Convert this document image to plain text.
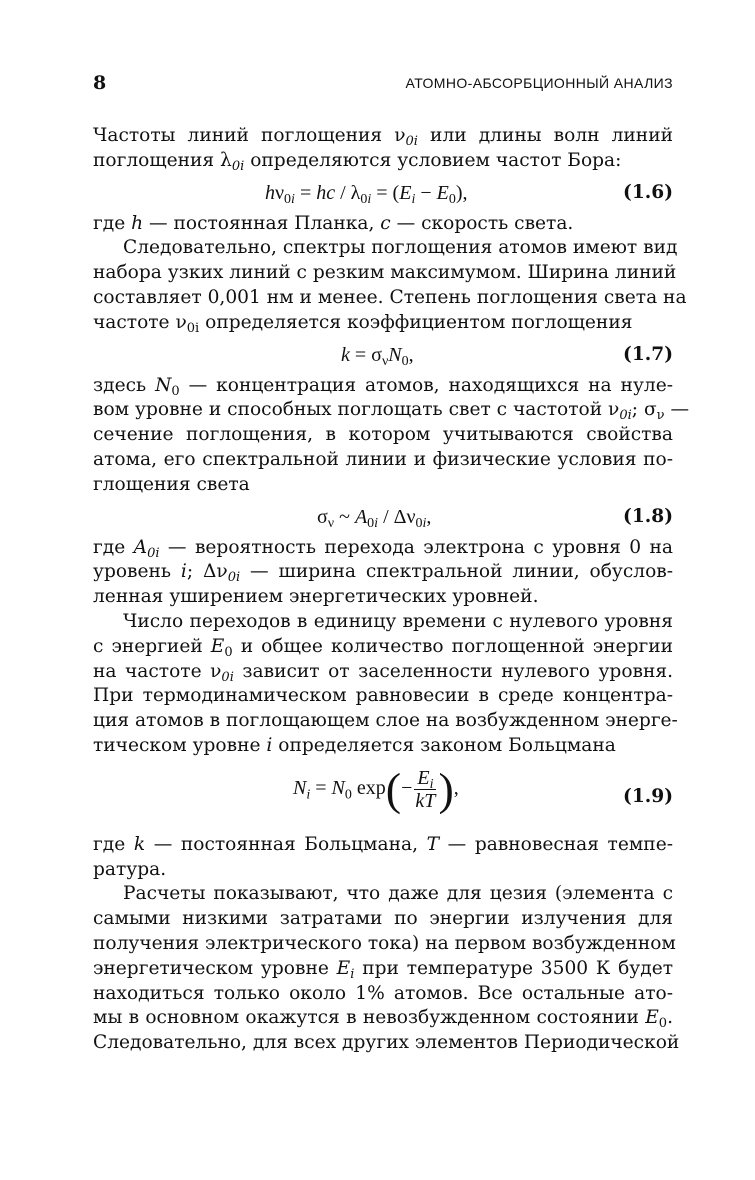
8	АТОМНО-АБСОРБЦИОННЫЙ АНАЛИЗ
Частоты линий поглощения $\nu_{0i}$ или длины волн линий
поглощения $\lambda_{0i}$ определяются условием частот Бора:
$h\nu_{0i}$ = hc / $\lambda_{0i} = (E_i - E_0)$,	(1.6)
где h — постоянная Планка, c — скорость света.
Следовательно, спектры поглощения атомов имеют вид
набора узких линий с резким максимумом. Ширина линий
составляет 0,001 нм и менее. Степень поглощения света на
частоте $\nu_{0i}$ определяется коэффициентом поглощения
$k = \sigma_\nu N_0$,	(1.7)
здесь $N_0$ — концентрация атомов, находящихся на нуле-
вом уровне и способных поглощать свет с частотой $\nu_{0i}$; $\sigma_\nu$ —
сечение поглощения, в котором учитываются свойства
атома, его спектральной линии и физические условия по-
глощения света
$\sigma_\nu$ ~ $A_{0i} / \Delta\nu_{0i}$,	(1.8)
где $A_{0i}$ — вероятность перехода электрона с уровня 0 на
уровень i; $\Delta\nu_{0i}$ — ширина спектральной линии, обуслов-
ленная уширением энергетических уровней.
Число переходов в единицу времени с нулевого уровня
с энергией $E_0$ и общее количество поглощенной энергии
на частоте $\nu_{0i}$ зависит от заселенности нулевого уровня.
При термодинамическом равновесии в среде концентра-
ция атомов в поглощающем слое на возбужденном энерге-
тическом уровне i определяется законом Больцмана
$N_i = N_0$ $\exp(- \frac{E_i}{kT}$ ),	(1.9)
где k — постоянная Больцмана, T — равновесная темпе-
ратура.
Расчеты показывают, что даже для цезия (элемента с
самыми низкими затратами по энергии излучения для
получения электрического тока) на первом возбужденном
энергетическом уровне $E_i$ при температуре 3500 К будет
находиться только около 1% атомов. Все остальные ато-
мы в основном окажутся в невозбужденном состоянии $E_0$.
Следовательно, для всех других элементов Периодической
